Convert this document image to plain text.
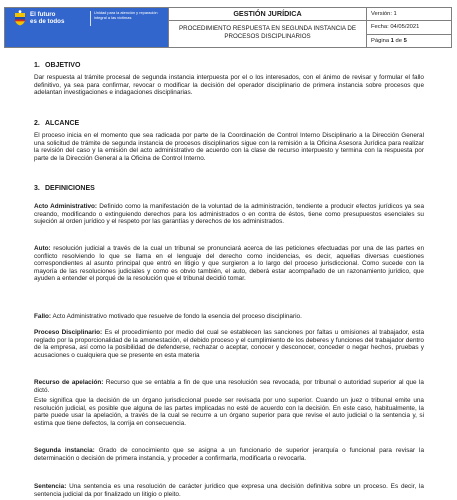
El futuro
es de todos
Unidad para la atención y reparación integral a las víctimas	GESTIÓN JURÍDICA
PROCEDIMIENTO RESPUESTA EN SEGUNDA INSTANCIA DE PROCESOS DISCIPLINARIOS
Versión: 1
Fecha: 04/05/2021
Página 1 de 5
1. OBJETIVO
Dar respuesta al trámite procesal de segunda instancia interpuesta por el o los interesados, con el ánimo de revisar y formular el fallo definitivo, ya sea para confirmar, revocar o modificar la decisión del operador disciplinario de primera instancia sobre procesos que adelantan investigaciones e indagaciones disciplinarias.
2. ALCANCE
El proceso inicia en el momento que sea radicada por parte de la Coordinación de Control Interno Disciplinario a la Dirección General una solicitud de trámite de segunda instancia de procesos disciplinarios sigue con la remisión a la Oficina Asesora Jurídica para realizar la revisión del caso y la emisión del acto administrativo de acuerdo con la clase de recurso interpuesto y termina con la respuesta por parte de la Dirección General a la Oficina de Control Interno.
3. DEFINICIONES
Acto Administrativo: Definido como la manifestación de la voluntad de la administración, tendiente a producir efectos jurídicos ya sea creando, modificando o extinguiendo derechos para los administrados o en contra de éstos, tiene como presupuestos esenciales su sujeción al orden jurídico y el respeto por las garantías y derechos de los administrados.
Auto: resolución judicial a través de la cual un tribunal se pronunciará acerca de las peticiones efectuadas por una de las partes en conflicto resolviendo lo que se llama en el lenguaje del derecho como incidencias, es decir, aquellas diversas cuestiones correspondientes al asunto principal que entró en litigio y que surgieron a lo largo del proceso jurisdiccional. Como sucede con la mayoría de las resoluciones judiciales y como es obvio también, el auto, deberá estar acompañado de un razonamiento jurídico, que ayuden a entender el porqué de la resolución que el tribunal decidió tomar.
Fallo: Acto Administrativo motivado que resuelve de fondo la esencia del proceso disciplinario.
Proceso Disciplinario: Es el procedimiento por medio del cual se establecen las sanciones por faltas u omisiones al trabajador, esta reglado por la proporcionalidad de la amonestación, el debido proceso y el cumplimiento de los deberes y funciones del trabajador dentro de la empresa, así como la posibilidad de defenderse, rechazar o aceptar, conocer y desconocer, conceder o negar hechos, pruebas y acusaciones o cualquiera que se presente en esta materia
Recurso de apelación: Recurso que se entabla a fin de que una resolución sea revocada, por tribunal o autoridad superior al que la dictó.
Este significa que la decisión de un órgano jurisdiccional puede ser revisada por uno superior. Cuando un juez o tribunal emite una resolución judicial, es posible que alguna de las partes implicadas no esté de acuerdo con la decisión. En este caso, habitualmente, la parte puede usar la apelación, a través de la cual se recurre a un órgano superior para que revise el auto judicial o la sentencia y, si estima que tiene defectos, la corrija en consecuencia.
Segunda instancia: Grado de conocimiento que se asigna a un funcionario de superior jerarquía o funcional para revisar la determinación o decisión de primera instancia, y proceder a confirmarla, modificarla o revocarla.
Sentencia: Una sentencia es una resolución de carácter jurídico que expresa una decisión definitiva sobre un proceso. Es decir, la sentencia judicial da por finalizado un litigio o pleito.
